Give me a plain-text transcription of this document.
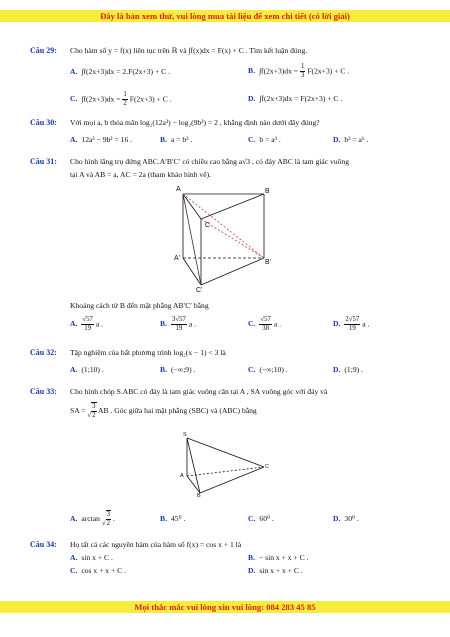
Đây là bản xem thử, vui lòng mua tài liệu để xem chi tiết (có lời giải)
Câu 29: Cho hàm số y = f(x) liên tục trên ℝ và ∫f(x)dx = F(x) + C . Tìm kết luận đúng.
A. ∫f(2x+3)dx = 2.F(2x+3) + C .	B. $\int f(2x+3)dx = \frac{1}{3} F(2x+3) + C$ .
C. $\int f(2x+3)dx = \frac{1}{2} F(2x+3) + C$ .	D. ∫f(2x+3)dx = F(2x+3) + C .
Câu 30: Với mọi a, b thỏa mãn log₂(12a³) − log₂(9b²) = 2 , khẳng định nào dưới đây đúng?
A. 12a³ − 9b² = 16 .	B. a = b³ .	C. b = a³ .	D. b² = a⁶ .
Câu 31: Cho hình lăng trụ đứng ABC.A′B′C′ có chiều cao bằng a√3 , có đáy ABC là tam giác vuông
tại A và AB = a, AC = 2a (tham khảo hình vẽ).
A	B
C
A'
B'
C'
Khoảng cách từ B đến mặt phẳng AB′C′ bằng
A. $\frac{√57}{19}$ a .	B. $\frac{3√57}{19}$ a .	C. $\frac{√57}{38}$ a .	D. $\frac{2√57}{19}$ a .
Câu 32: Tập nghiệm của bất phương trình log₂(x − 1) < 3 là
A. (1;10) .	B. (−∞;9) .	C. (−∞;10) .	D. (1;9) .
Câu 33: Cho hình chóp S.ABC có đáy là tam giác vuông cân tại A , SA vuông góc với đáy và
SA = √ $\frac{3}{2}$ AB . Góc giữa hai mặt phẳng (SBC) và (ABC) bằng
S
A
B
C
A. arctan √ $\frac{3}{2}$ .	B. 45⁰ .	C. 60⁰ .	D. 30⁰ .
Câu 34: Họ tất cả các nguyên hàm của hàm số f(x) = cos x + 1 là
A. sin x + C .	B. − sin x + x + C .
C. cos x + x + C .	D. sin x + x + C .
Mọi thắc mắc vui lòng xin vui lòng: 084 283 45 85
